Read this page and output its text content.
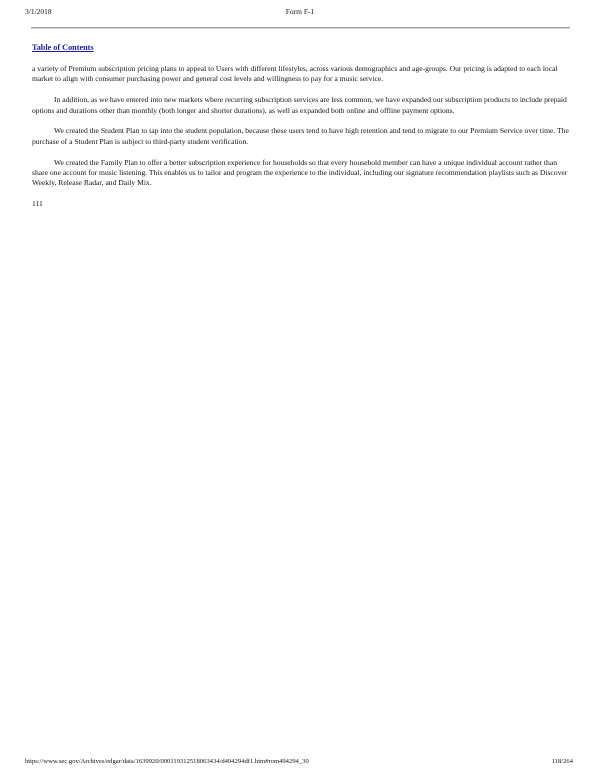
3/1/2018	Form F-1
Table of Contents

a variety of Premium subscription pricing plans to appeal to Users with different lifestyles, across various demographics and age-groups. Our pricing is adapted to each local market to align with consumer purchasing power and general cost levels and willingness to pay for a music service.

In addition, as we have entered into new markets where recurring subscription services are less common, we have expanded our subscription products to include prepaid options and durations other than monthly (both longer and shorter durations), as well as expanded both online and offline payment options.

We created the Student Plan to tap into the student population, because these users tend to have high retention and tend to migrate to our Premium Service over time. The purchase of a Student Plan is subject to third-party student verification.

We created the Family Plan to offer a better subscription experience for households so that every household member can have a unique individual account rather than share one account for music listening. This enables us to tailor and program the experience to the individual, including our signature recommendation playlists such as Discover Weekly, Release Radar, and Daily Mix.

111

https://www.sec.gov/Archives/edgar/data/1639920/000119312518063434/d494294df1.htm#rom494294_30	118/264
